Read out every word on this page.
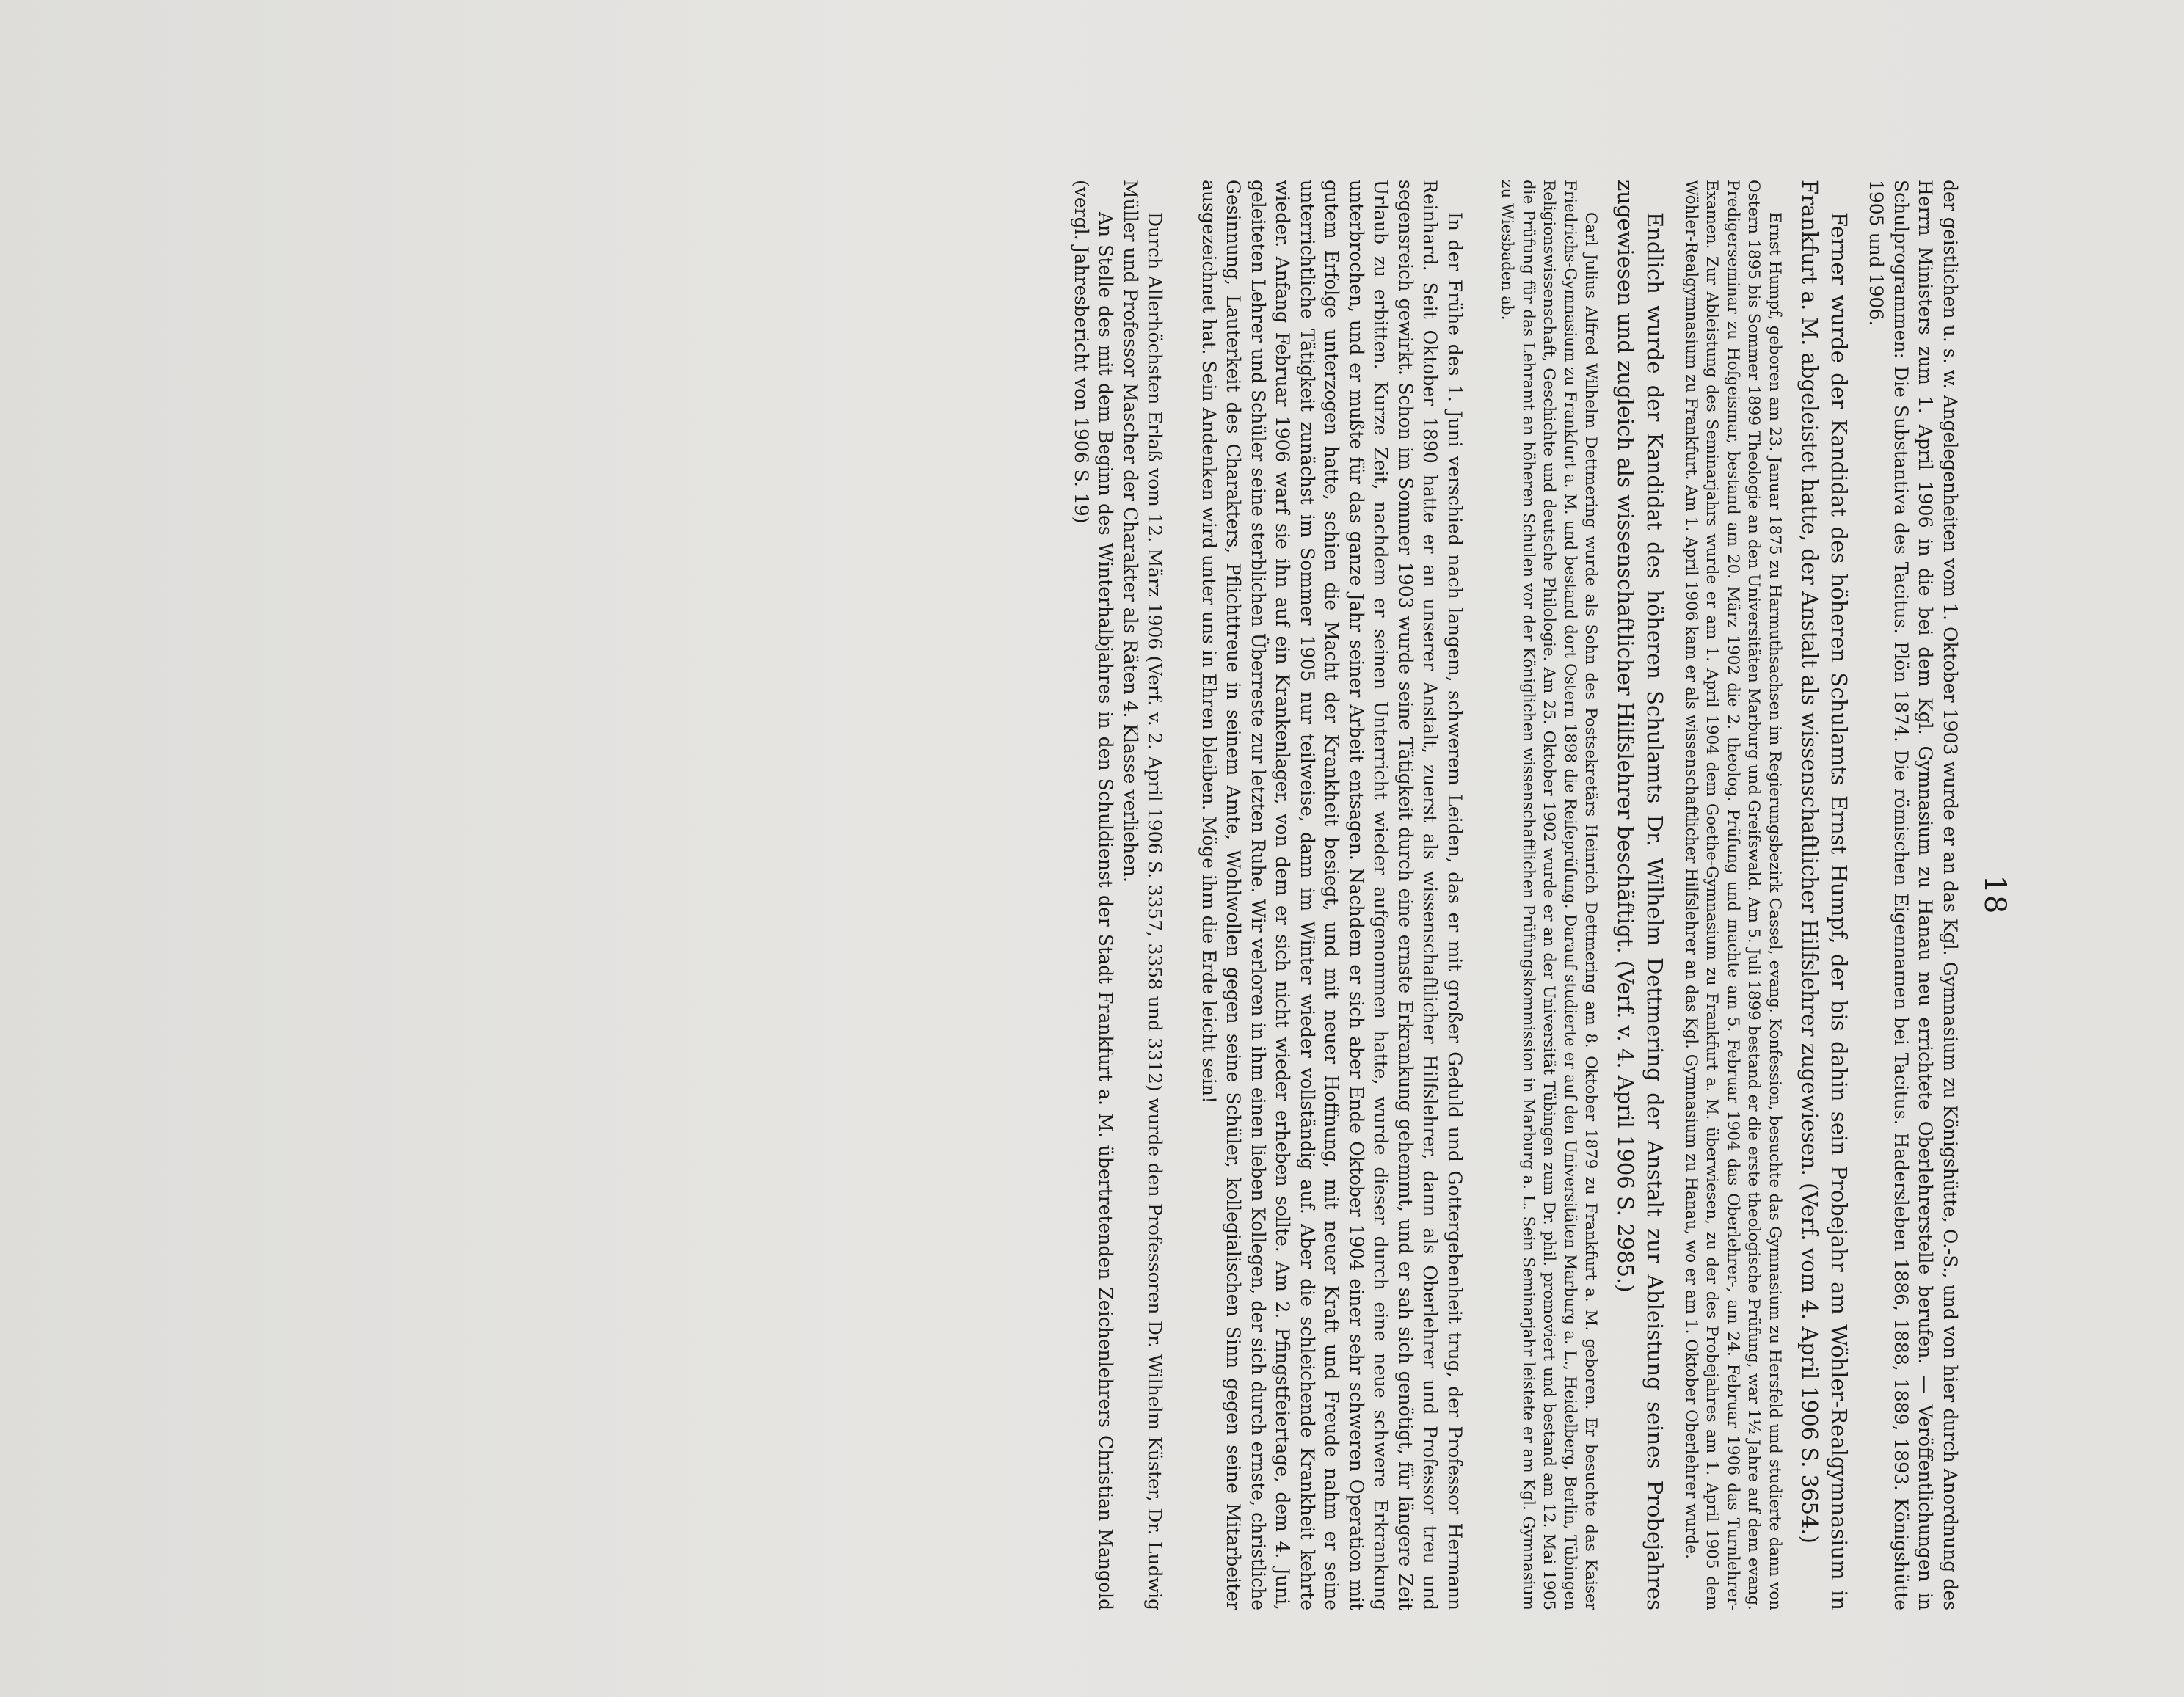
18

der geistlichen u. s. w. Angelegenheiten vom 1. Oktober 1903 wurde er an das Kgl. Gymnasium zu Königshütte, O.-S., und von hier durch Anordnung des Herrn Ministers zum 1. April 1906 in die bei dem Kgl. Gymnasium zu Hanau neu errichtete Oberlehrerstelle berufen. — Veröffentlichungen in Schulprogrammen: Die Substantiva des Tacitus. Plön 1874. Die römischen Eigennamen bei Tacitus. Hadersleben 1886, 1888, 1889, 1893. Königshütte 1905 und 1906.

Ferner wurde der Kandidat des höheren Schulamts Ernst Humpf, der bis dahin sein Probejahr am Wöhler-Realgymnasium in Frankfurt a. M. abgeleistet hatte, der Anstalt als wissenschaftlicher Hilfslehrer zugewiesen. (Verf. vom 4. April 1906 S. 3654.)

Ernst Humpf, geboren am 23. Januar 1875 zu Harmuthsachsen im Regierungsbezirk Cassel, evang. Konfession, besuchte das Gymnasium zu Hersfeld und studierte dann von Ostern 1895 bis Sommer 1899 Theologie an den Universitäten Marburg und Greifswald. Am 5. Juli 1899 bestand er die erste theologische Prüfung, war 1½ Jahre auf dem evang. Predigerseminar zu Hofgeismar, bestand am 20. März 1902 die 2. theolog. Prüfung und machte am 5. Februar 1904 das Oberlehrer-, am 24. Februar 1906 das Turnlehrer-Examen. Zur Ableistung des Seminarjahrs wurde er am 1. April 1904 dem Goethe-Gymnasium zu Frankfurt a. M. überwiesen, zu der des Probejahres am 1. April 1905 dem Wöhler-Realgymnasium zu Frankfurt. Am 1. April 1906 kam er als wissenschaftlicher Hilfslehrer an das Kgl. Gymnasium zu Hanau, wo er am 1. Oktober Oberlehrer wurde.

Endlich wurde der Kandidat des höheren Schulamts Dr. Wilhelm Dettmering der Anstalt zur Ableistung seines Probejahres zugewiesen und zugleich als wissenschaftlicher Hilfslehrer beschäftigt. (Verf. v. 4. April 1906 S. 2985.)

Carl Julius Alfred Wilhelm Dettmering wurde als Sohn des Postsekretärs Heinrich Dettmering am 8. Oktober 1879 zu Frankfurt a. M. geboren. Er besuchte das Kaiser Friedrichs-Gymnasium zu Frankfurt a. M. und bestand dort Ostern 1898 die Reifeprüfung. Darauf studierte er auf den Universitäten Marburg a. L., Heidelberg, Berlin, Tübingen Religionswissenschaft, Geschichte und deutsche Philologie. Am 25. Oktober 1902 wurde er an der Universität Tübingen zum Dr. phil. promoviert und bestand am 12. Mai 1905 die Prüfung für das Lehramt an höheren Schulen vor der Königlichen wissenschaftlichen Prüfungskommission in Marburg a. L. Sein Seminarjahr leistete er am Kgl. Gymnasium zu Wiesbaden ab.

In der Frühe des 1. Juni verschied nach langem, schwerem Leiden, das er mit großer Geduld und Gottergebenheit trug, der Professor Hermann Reinhard. Seit Oktober 1890 hatte er an unserer Anstalt, zuerst als wissenschaftlicher Hilfslehrer, dann als Oberlehrer und Professor treu und segensreich gewirkt. Schon im Sommer 1903 wurde seine Tätigkeit durch eine ernste Erkrankung gehemmt, und er sah sich genötigt, für längere Zeit Urlaub zu erbitten. Kurze Zeit, nachdem er seinen Unterricht wieder aufgenommen hatte, wurde dieser durch eine neue schwere Erkrankung unterbrochen, und er mußte für das ganze Jahr seiner Arbeit entsagen. Nachdem er sich aber Ende Oktober 1904 einer sehr schweren Operation mit gutem Erfolge unterzogen hatte, schien die Macht der Krankheit besiegt, und mit neuer Hoffnung, mit neuer Kraft und Freude nahm er seine unterrichtliche Tätigkeit zunächst im Sommer 1905 nur teilweise, dann im Winter wieder vollständig auf. Aber die schleichende Krankheit kehrte wieder. Anfang Februar 1906 warf sie ihn auf ein Krankenlager, von dem er sich nicht wieder erheben sollte. Am 2. Pfingstfeiertage, dem 4. Juni, geleiteten Lehrer und Schüler seine sterblichen Überreste zur letzten Ruhe. Wir verloren in ihm einen lieben Kollegen, der sich durch ernste, christliche Gesinnung, Lauterkeit des Charakters, Pflichttreue in seinem Amte, Wohlwollen gegen seine Schüler, kollegialischen Sinn gegen seine Mitarbeiter ausgezeichnet hat. Sein Andenken wird unter uns in Ehren bleiben. Möge ihm die Erde leicht sein!

Durch Allerhöchsten Erlaß vom 12. März 1906 (Verf. v. 2. April 1906 S. 3357, 3358 und 3312) wurde den Professoren Dr. Wilhelm Küster, Dr. Ludwig Müller und Professor Mascher der Charakter als Räten 4. Klasse verliehen.

An Stelle des mit dem Beginn des Winterhalbjahres in den Schuldienst der Stadt Frankfurt a. M. übertretenden Zeichenlehrers Christian Mangold (vergl. Jahresbericht von 1906 S. 19)
